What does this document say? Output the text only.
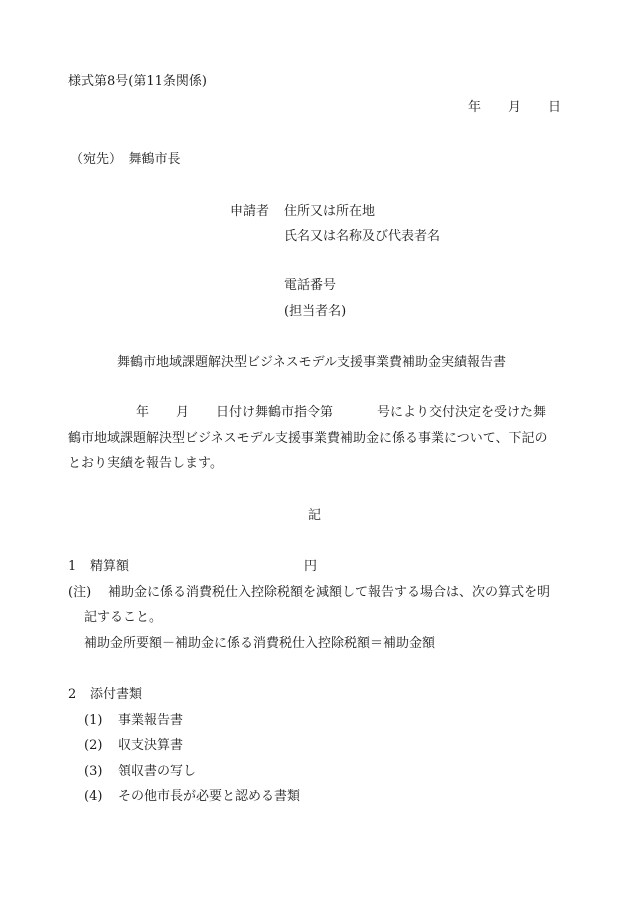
様式第8号(第11条関係)
年 月 日
（宛先）　舞鶴市長
申請者 住所又は所在地
氏名又は名称及び代表者名
電話番号
(担当者名)
舞鶴市地域課題解決型ビジネスモデル支援事業費補助金実績報告書
年 月 日付け舞鶴市指令第	号により交付決定を受けた舞
鶴市地域課題解決型ビジネスモデル支援事業費補助金に係る事業について、下記の
とおり実績を報告します。
記
1 精算額	円
(注) 補助金に係る消費税仕入控除税額を減額して報告する場合は、次の算式を明
記すること。
補助金所要額－補助金に係る消費税仕入控除税額＝補助金額
2 添付書類
(1) 事業報告書
(2) 収支決算書
(3) 領収書の写し
(4) その他市長が必要と認める書類
